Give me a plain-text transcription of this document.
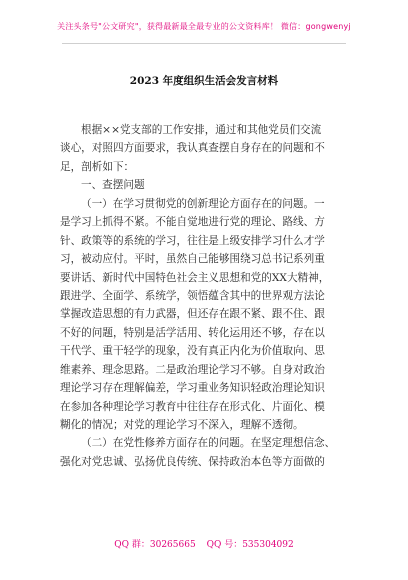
关注头条号"公文研究"，获得最新最全最专业的公文资料库！ 微信：gongwenyj
2023 年度组织生活会发言材料
根据××党支部的工作安排，通过和其他党员们交流
谈心，对照四方面要求，我认真查摆自身存在的问题和不
足，剖析如下：
一、查摆问题
（一）在学习贯彻党的创新理论方面存在的问题。一
是学习上抓得不紧。不能自觉地进行党的理论、路线、方
针、政策等的系统的学习，往往是上级安排学习什么才学
习，被动应付。平时，虽然自己能够围绕习总书记系列重
要讲话、新时代中国特色社会主义思想和党的XX大精神，
跟进学、全面学、系统学，领悟蕴含其中的世界观方法论
掌握改造思想的有力武器，但还存在跟不紧、跟不住、跟
不好的问题，特别是活学活用、转化运用还不够，存在以
干代学、重干轻学的现象，没有真正内化为价值取向、思
维素养、理念思路。二是政治理论学习不够。自身对政治
理论学习存在理解偏差，学习重业务知识轻政治理论知识
在参加各种理论学习教育中往往存在形式化、片面化、模
糊化的情况；对党的理论学习不深入，理解不透彻。
（二）在党性修养方面存在的问题。在坚定理想信念、
强化对党忠诚、弘扬优良传统、保持政治本色等方面做的
QQ 群：30265665 QQ 号：535304092
